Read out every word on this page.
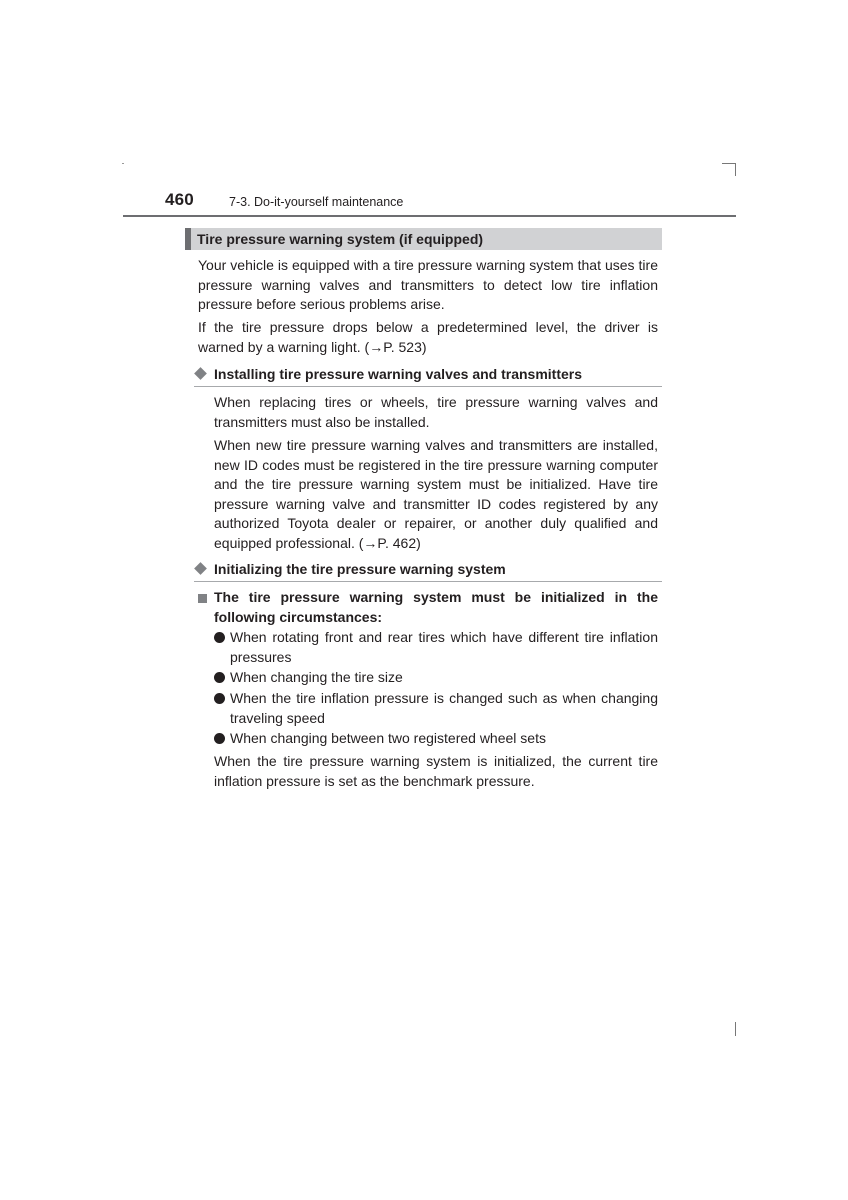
460	7-3. Do-it-yourself maintenance
Tire pressure warning system (if equipped)

Your vehicle is equipped with a tire pressure warning system that uses tire pressure warning valves and transmitters to detect low tire inflation pressure before serious problems arise.

If the tire pressure drops below a predetermined level, the driver is warned by a warning light. (→P. 523)

Installing tire pressure warning valves and transmitters

When replacing tires or wheels, tire pressure warning valves and transmitters must also be installed.

When new tire pressure warning valves and transmitters are installed, new ID codes must be registered in the tire pressure warning computer and the tire pressure warning system must be initialized. Have tire pressure warning valve and transmitter ID codes registered by any authorized Toyota dealer or repairer, or another duly qualified and equipped professional. (→P. 462)

Initializing the tire pressure warning system

The tire pressure warning system must be initialized in the following circumstances:

When rotating front and rear tires which have different tire inflation pressures

When changing the tire size

When the tire inflation pressure is changed such as when changing traveling speed

When changing between two registered wheel sets

When the tire pressure warning system is initialized, the current tire inflation pressure is set as the benchmark pressure.
